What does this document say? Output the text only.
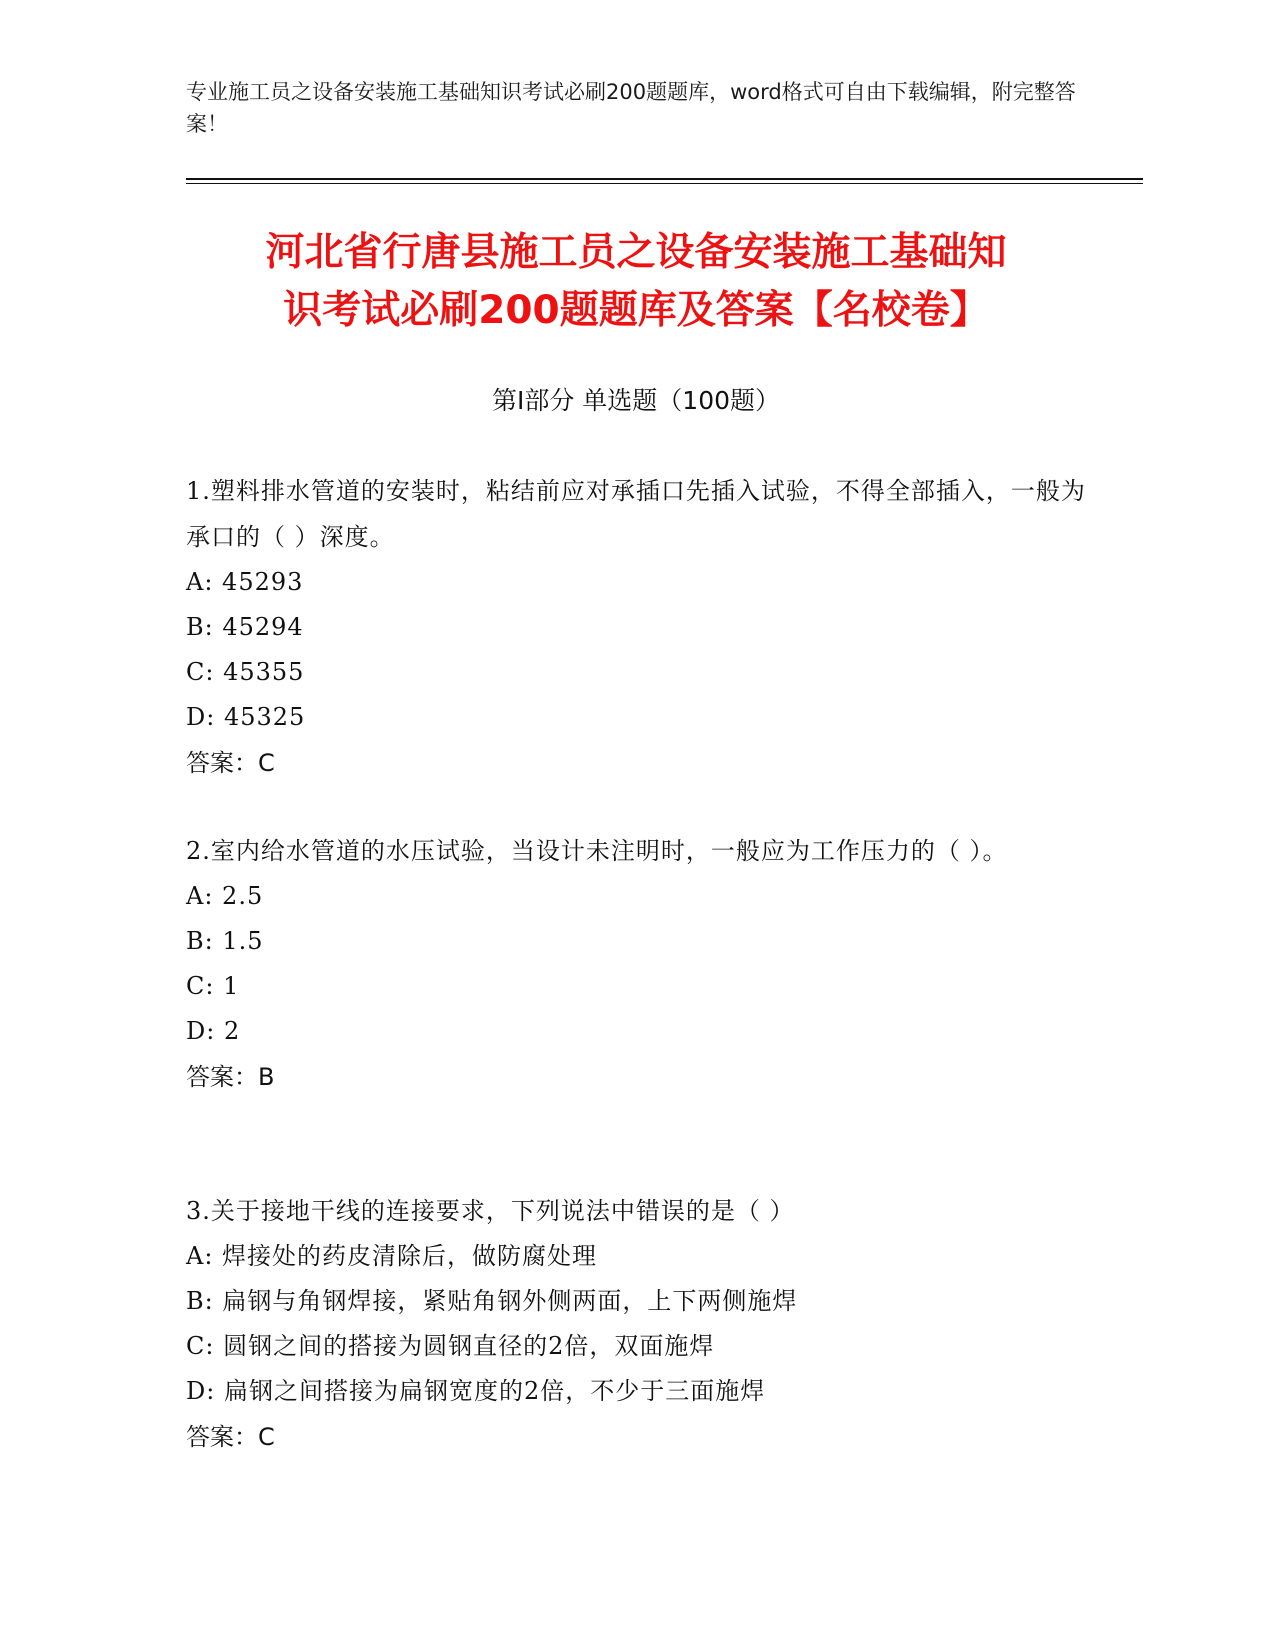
专业施工员之设备安装施工基础知识考试必刷200题题库，word格式可自由下载编辑，附完整答案！
河北省行唐县施工员之设备安装施工基础知
识考试必刷200题题库及答案【名校卷】
第Ⅰ部分 单选题（100题）

1.塑料排水管道的安装时，粘结前应对承插口先插入试验，不得全部插入，一般为承口的（ ）深度。

A: 45293

B: 45294

C: 45355

D: 45325

答案：C

2.室内给水管道的水压试验，当设计未注明时，一般应为工作压力的（ ）。

A: 2.5

B: 1.5

C: 1

D: 2

答案：B

3.关于接地干线的连接要求，下列说法中错误的是（ ）

A: 焊接处的药皮清除后，做防腐处理

B: 扁钢与角钢焊接，紧贴角钢外侧两面，上下两侧施焊

C: 圆钢之间的搭接为圆钢直径的2倍，双面施焊

D: 扁钢之间搭接为扁钢宽度的2倍，不少于三面施焊

答案：C
